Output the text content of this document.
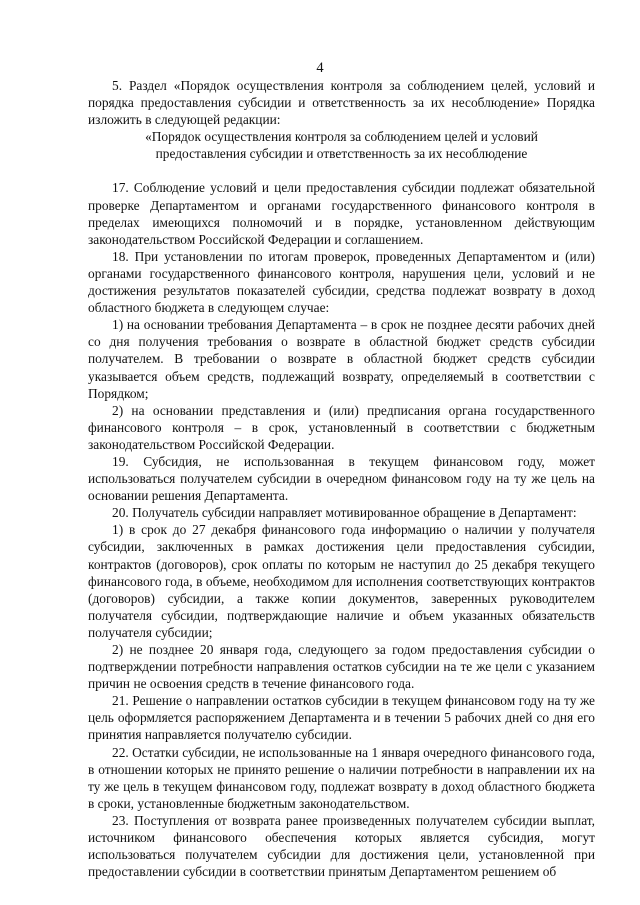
4

5. Раздел «Порядок осуществления контроля за соблюдением целей, условий и порядка предоставления субсидии и ответственность за их несоблюдение» Порядка изложить в следующей редакции:

«Порядок осуществления контроля за соблюдением целей и условий предоставления субсидии и ответственность за их несоблюдение

17. Соблюдение условий и цели предоставления субсидии подлежат обязательной проверке Департаментом и органами государственного финансового контроля в пределах имеющихся полномочий и в порядке, установленном действующим законодательством Российской Федерации и соглашением.

18. При установлении по итогам проверок, проведенных Департаментом и (или) органами государственного финансового контроля, нарушения цели, условий и не достижения результатов показателей субсидии, средства подлежат возврату в доход областного бюджета в следующем случае:

1) на основании требования Департамента – в срок не позднее десяти рабочих дней со дня получения требования о возврате в областной бюджет средств субсидии получателем. В требовании о возврате в областной бюджет средств субсидии указывается объем средств, подлежащий возврату, определяемый в соответствии с Порядком;

2) на основании представления и (или) предписания органа государственного финансового контроля – в срок, установленный в соответствии с бюджетным законодательством Российской Федерации.

19. Субсидия, не использованная в текущем финансовом году, может использоваться получателем субсидии в очередном финансовом году на ту же цель на основании решения Департамента.

20. Получатель субсидии направляет мотивированное обращение в Департамент:

1) в срок до 27 декабря финансового года информацию о наличии у получателя субсидии, заключенных в рамках достижения цели предоставления субсидии, контрактов (договоров), срок оплаты по которым не наступил до 25 декабря текущего финансового года, в объеме, необходимом для исполнения соответствующих контрактов (договоров) субсидии, а также копии документов, заверенных руководителем получателя субсидии, подтверждающие наличие и объем указанных обязательств получателя субсидии;

2) не позднее 20 января года, следующего за годом предоставления субсидии о подтверждении потребности направления остатков субсидии на те же цели с указанием причин не освоения средств в течение финансового года.

21. Решение о направлении остатков субсидии в текущем финансовом году на ту же цель оформляется распоряжением Департамента и в течении 5 рабочих дней со дня его принятия направляется получателю субсидии.

22. Остатки субсидии, не использованные на 1 января очередного финансового года, в отношении которых не принято решение о наличии потребности в направлении их на ту же цель в текущем финансовом году, подлежат возврату в доход областного бюджета в сроки, установленные бюджетным законодательством.

23. Поступления от возврата ранее произведенных получателем субсидии выплат, источником финансового обеспечения которых является субсидия, могут использоваться получателем субсидии для достижения цели, установленной при предоставлении субсидии в соответствии принятым Департаментом решением об
